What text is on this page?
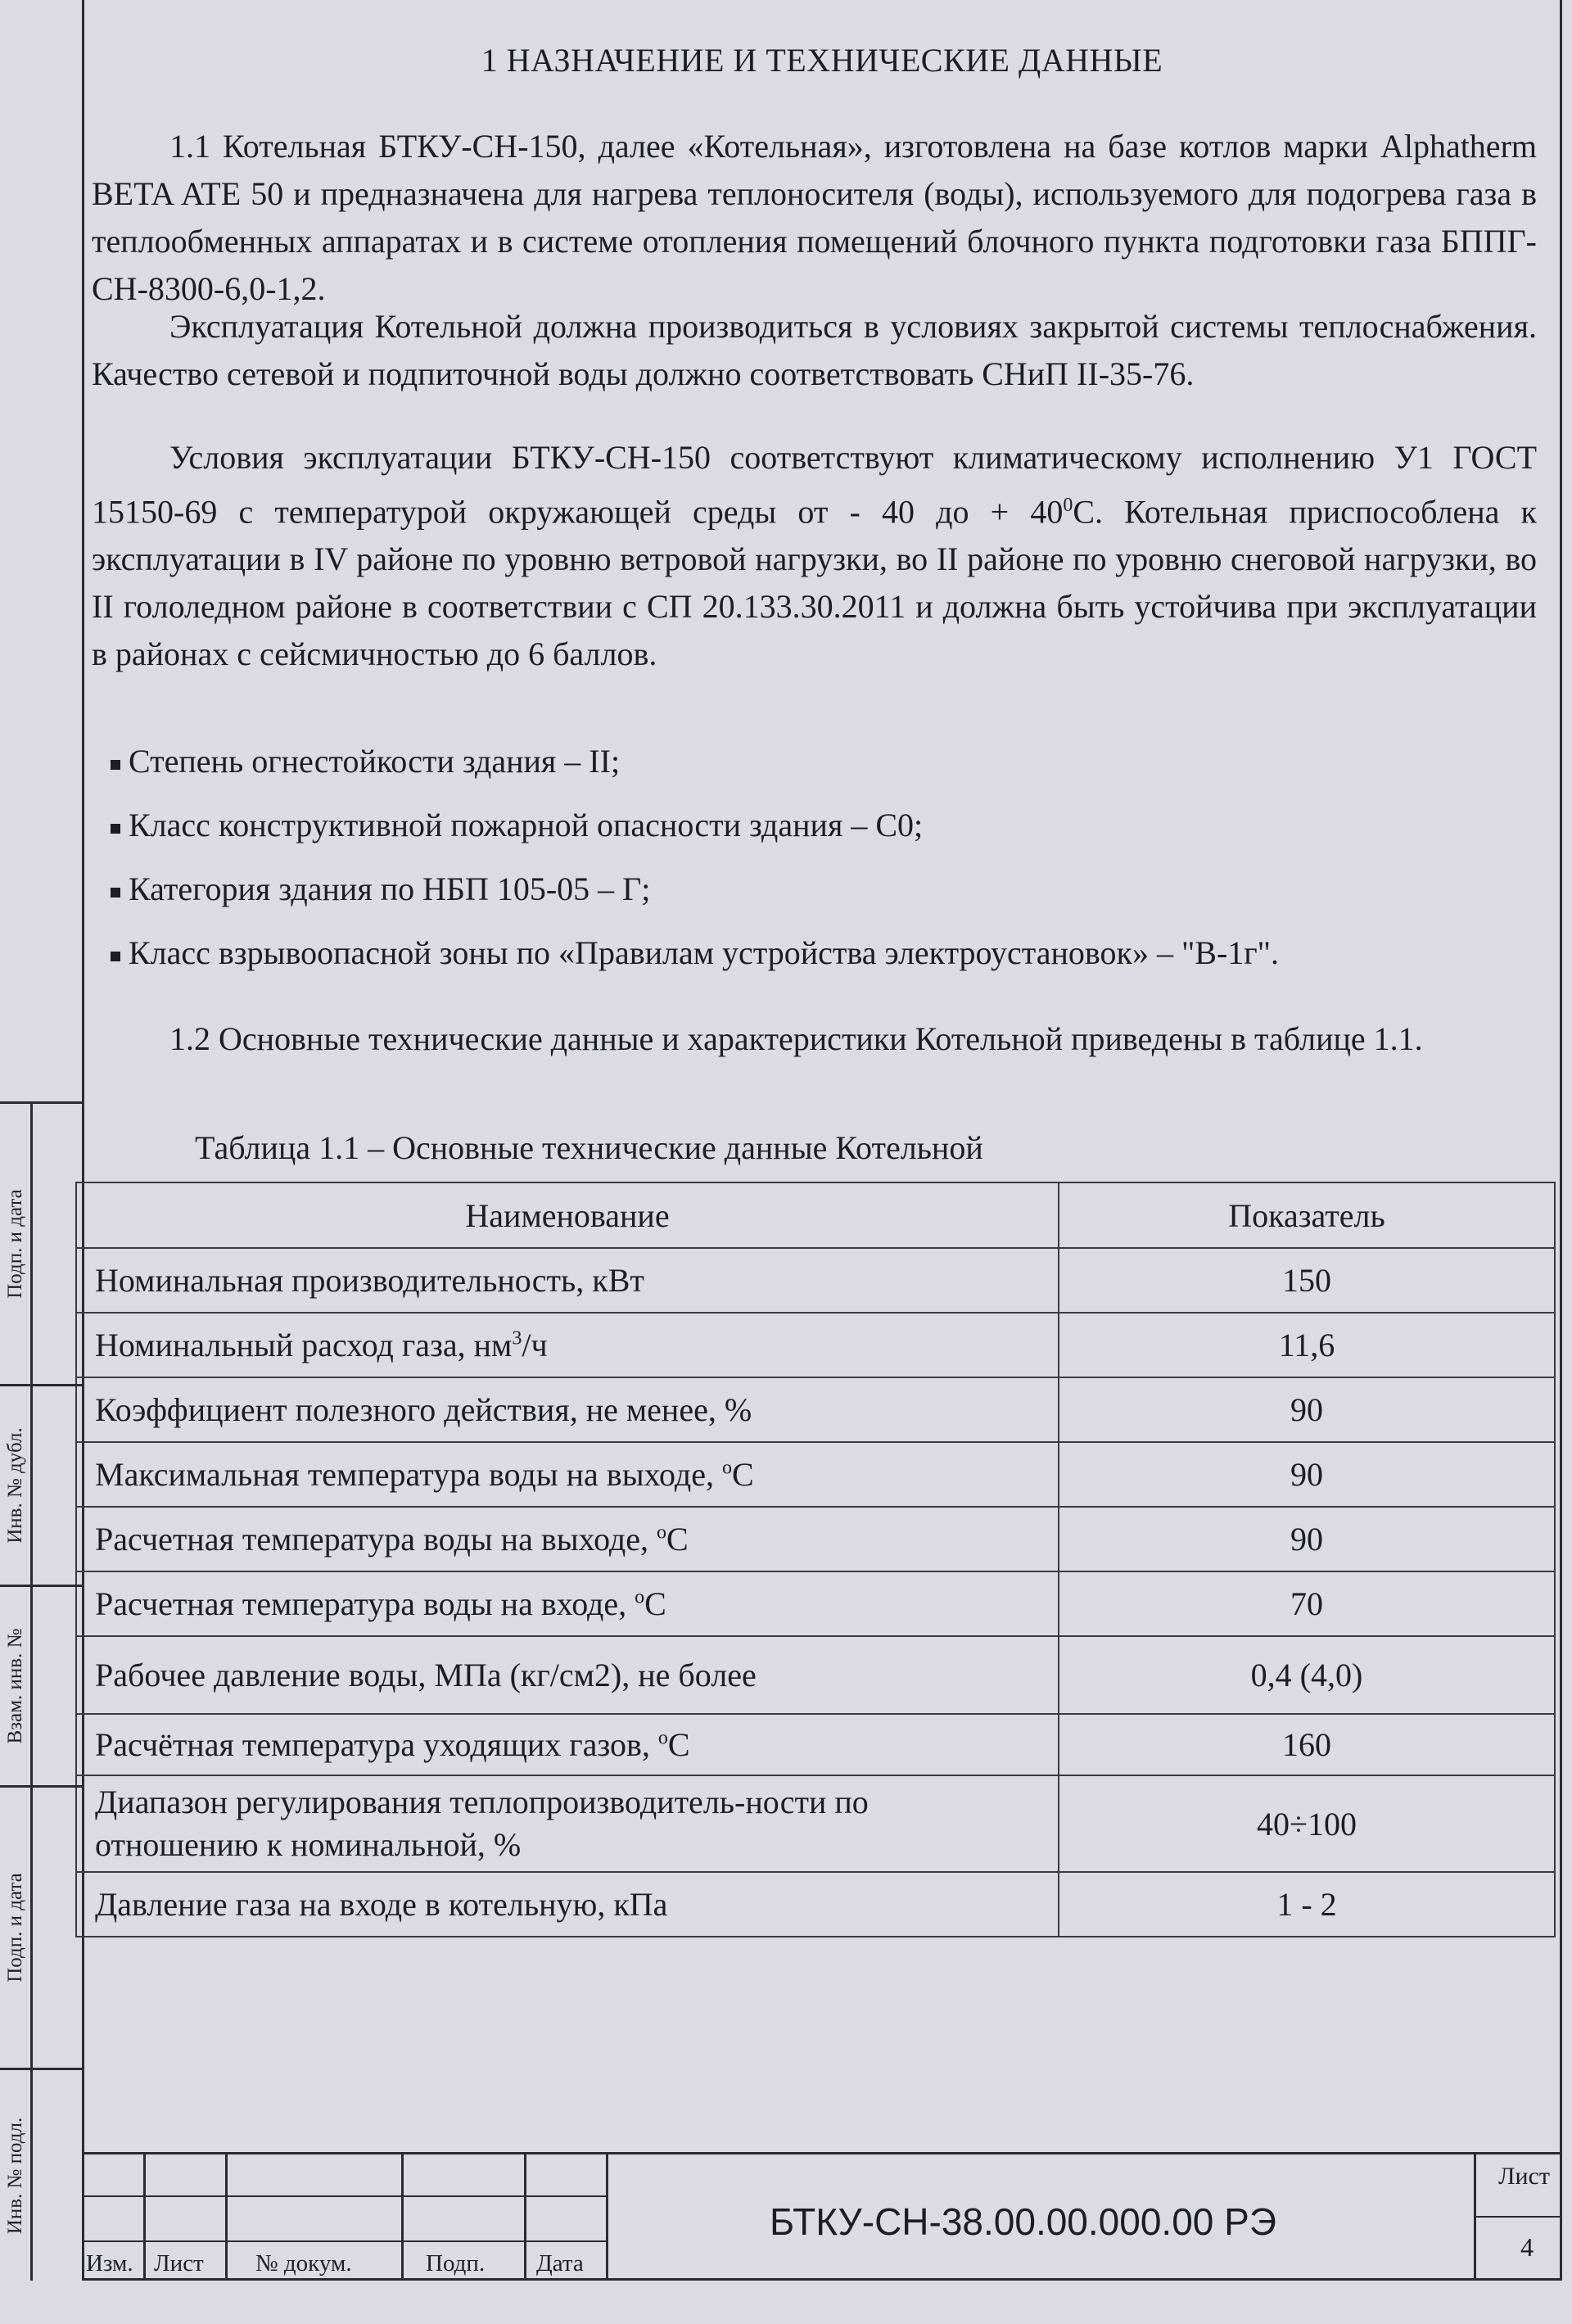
1 НАЗНАЧЕНИЕ И ТЕХНИЧЕСКИЕ ДАННЫЕ
1.1 Котельная БТКУ-СН-150, далее «Котельная», изготовлена на базе котлов марки Alphatherm BETA ATE 50 и предназначена для нагрева теплоносителя (воды), используемого для подогрева газа в теплообменных аппаратах и в системе отопления помещений блочного пункта подготовки газа БППГ-СН-8300-6,0-1,2.
Эксплуатация Котельной должна производиться в условиях закрытой системы теплоснабжения. Качество сетевой и подпиточной воды должно соответствовать СНиП II-35-76.
Условия эксплуатации БТКУ-СН-150 соответствуют климатическому исполнению У1 ГОСТ 15150-69 с температурой окружающей среды от - 40 до + $40^0С$. Котельная приспособлена к эксплуатации в IV районе по уровню ветровой нагрузки, во II районе по уровню снеговой нагрузки, во II гололедном районе в соответствии с СП 20.133.30.2011 и должна быть устойчива при эксплуатации в районах с сейсмичностью до 6 баллов.
Степень огнестойкости здания – II;
Класс конструктивной пожарной опасности здания – С0;
Категория здания по НБП 105-05 – Г;
Класс взрывоопасной зоны по «Правилам устройства электроустановок» – "В-1г".
1.2 Основные технические данные и характеристики Котельной приведены в таблице 1.1.
Таблица 1.1 – Основные технические данные Котельной
Наименование	Показатель
Номинальная производительность, кВт	150
Номинальный расход газа, $нм^3/ч$	11,6
Коэффициент полезного действия, не менее, %	90
Максимальная температура воды на выходе, $^o$С	90
Расчетная температура воды на выходе, $^o$С	90
Расчетная температура воды на входе, $^o$С	70
Рабочее давление воды, МПа (кг/см2), не более	0,4 (4,0)
Расчётная температура уходящих газов, $^o$С	160
Диапазон регулирования теплопроизводитель-ности по отношению к номинальной, %	40÷100
Давление газа на входе в котельную, кПа	1 - 2
Подп. и дата
Инв. № дубл.
Взам. инв. №
Подп. и дата
Инв. № подл.
Изм. Лист № докум.	Подп. Дата
БТКУ-СН-38.00.00.000.00 РЭ
Лист
4
